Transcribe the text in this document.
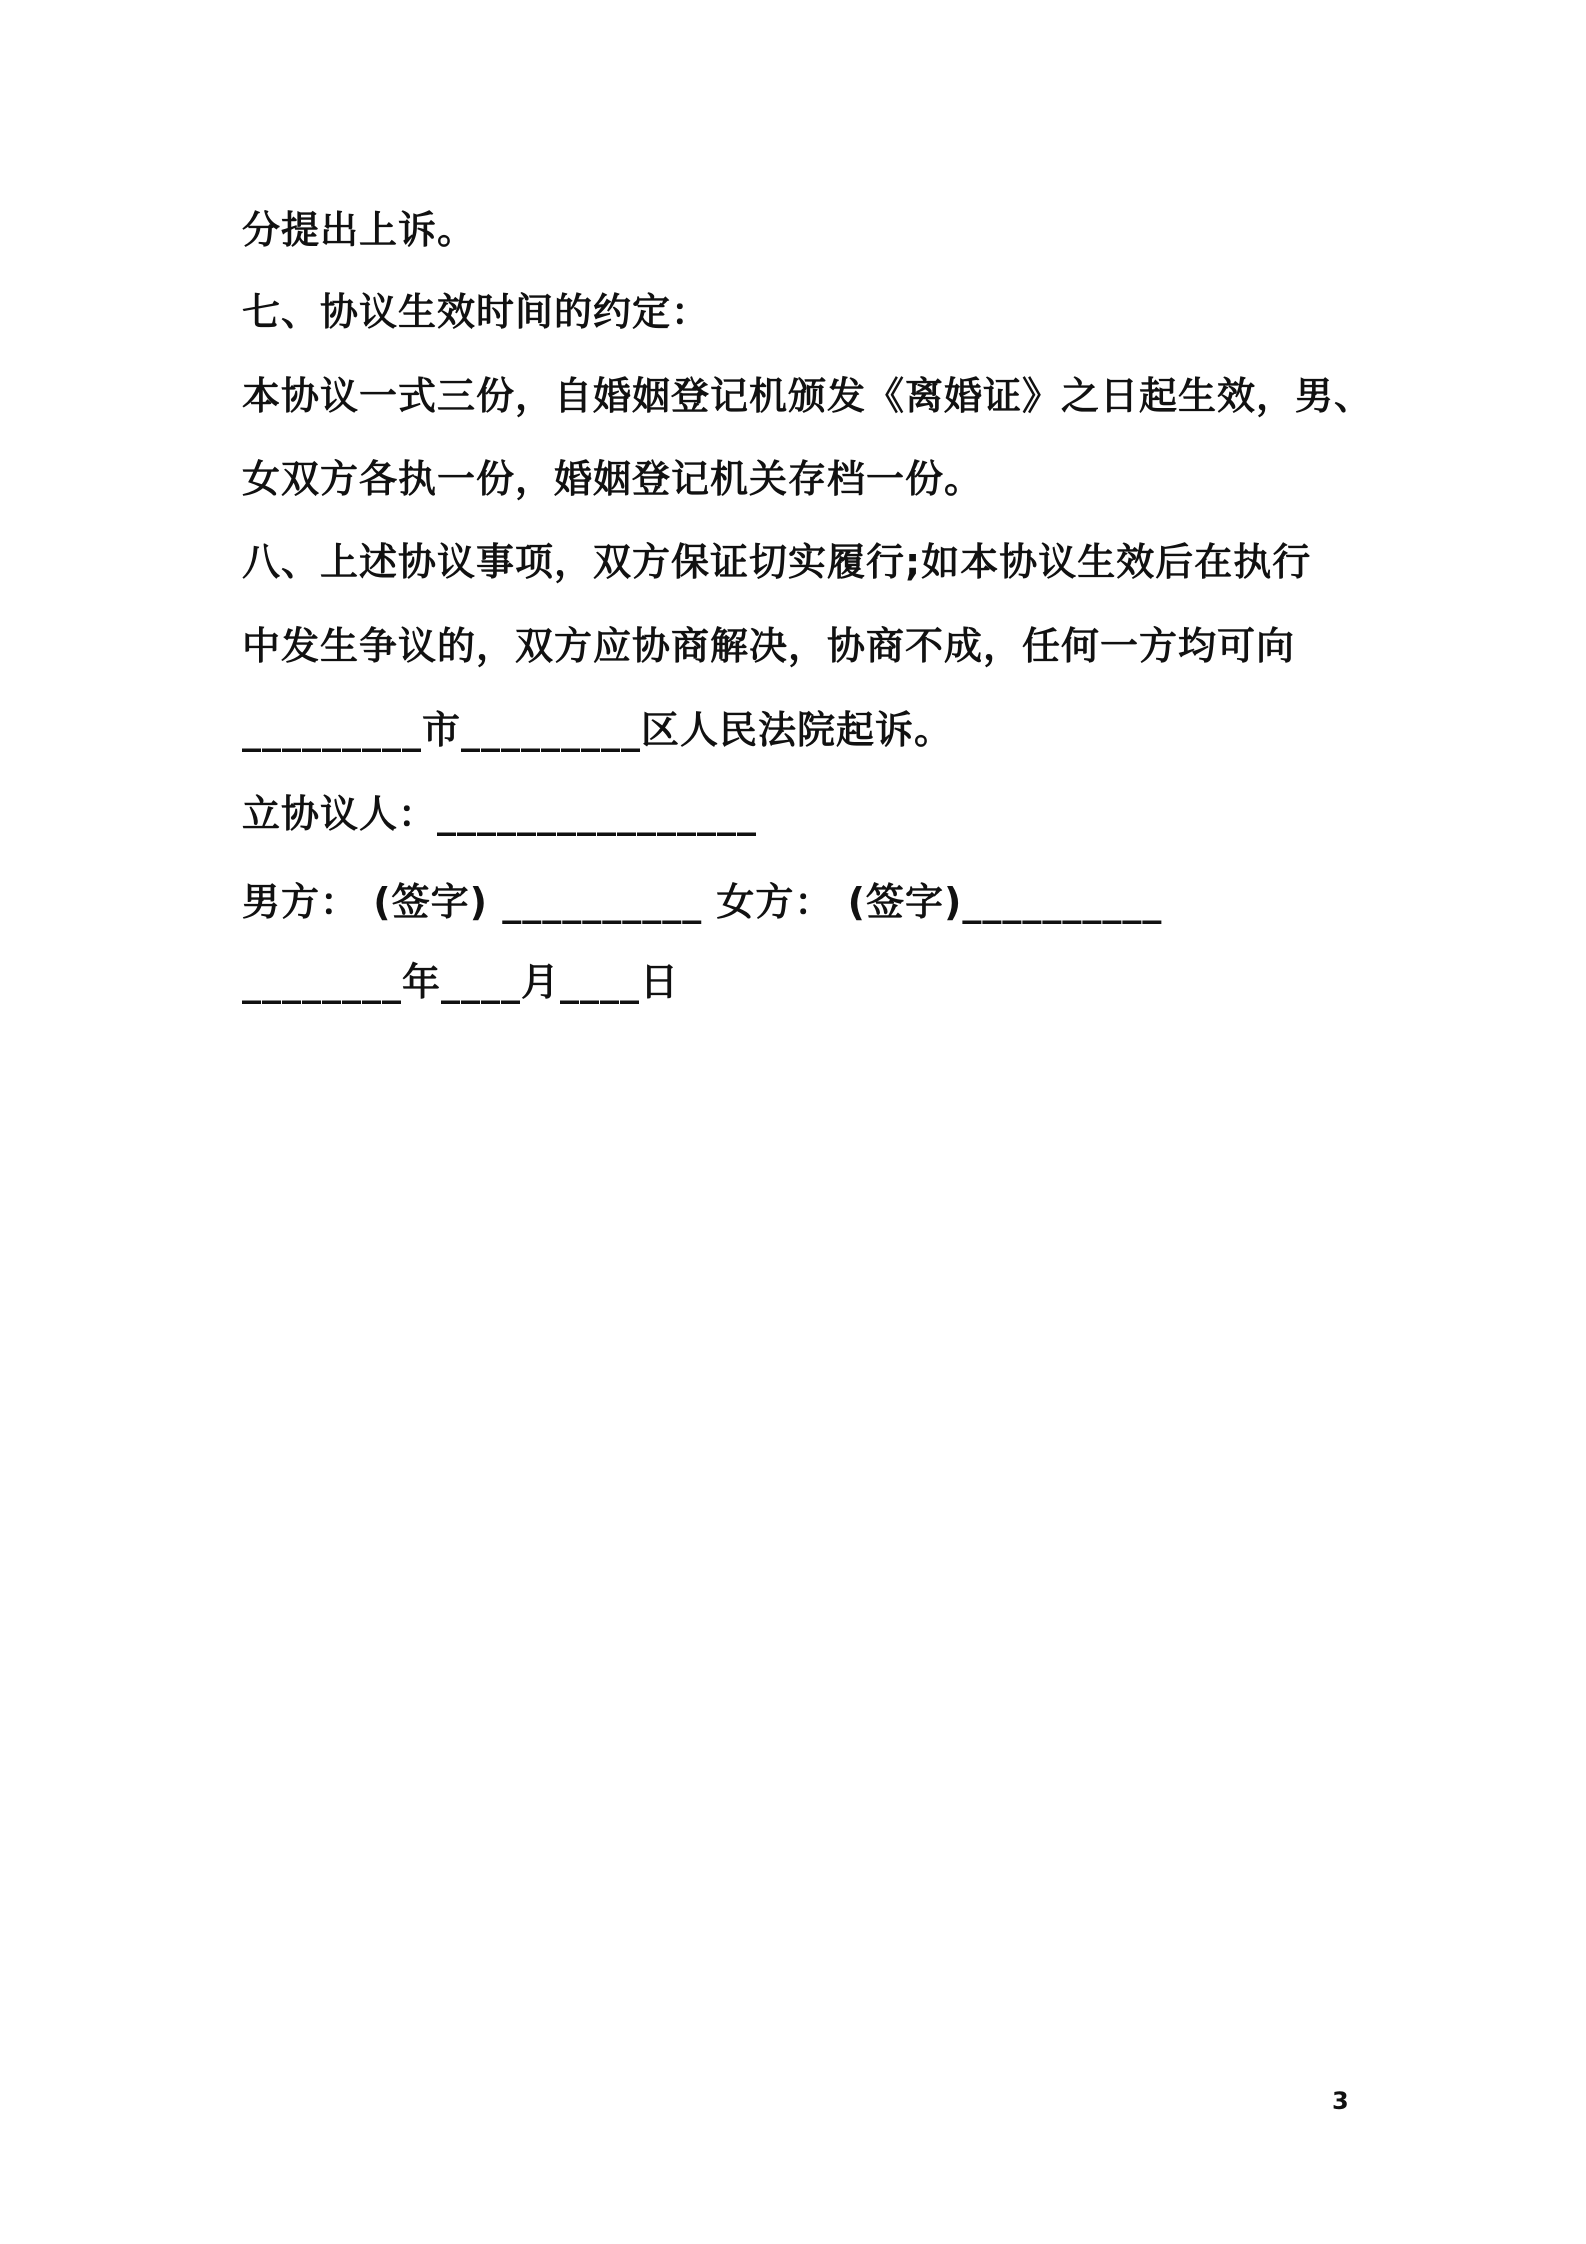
分提出上诉。
七、协议生效时间的约定：
本协议一式三份，自婚姻登记机颁发《离婚证》之日起生效，男、
女双方各执一份，婚姻登记机关存档一份。
八、上述协议事项，双方保证切实履行;如本协议生效后在执行
中发生争议的，双方应协商解决，协商不成，任何一方均可向
_________市_________区人民法院起诉。
立协议人：________________
男方： (签字) __________ 女方： (签字)__________
________年____月____日
3
